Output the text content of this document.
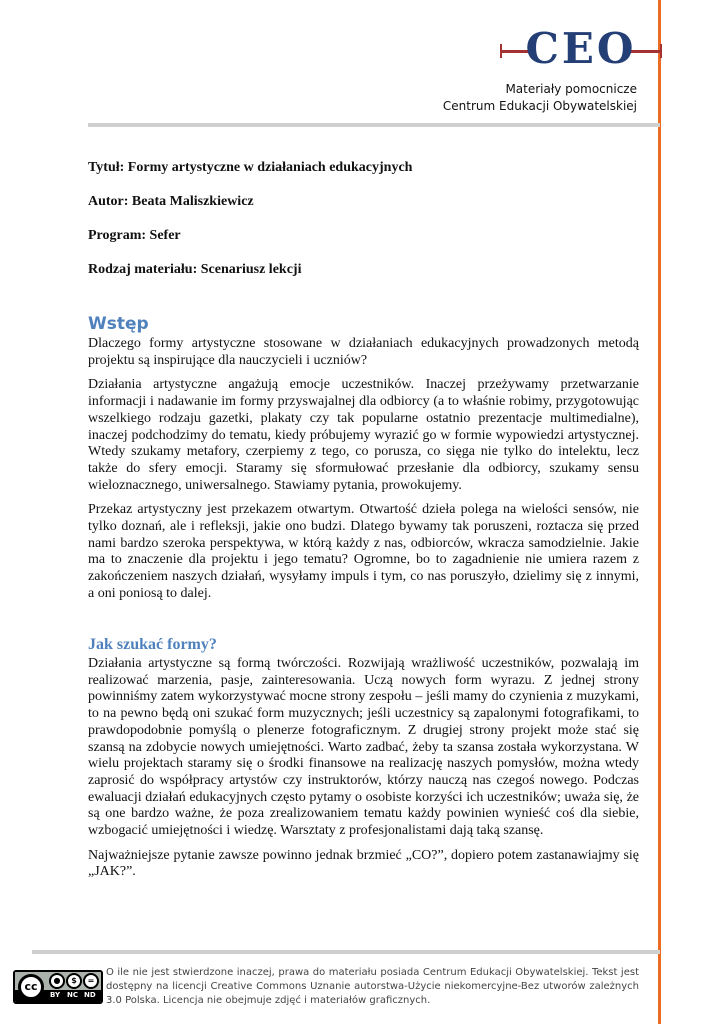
CEO
Materiały pomocnicze
Centrum Edukacji Obywatelskiej
Tytuł: Formy artystyczne w działaniach edukacyjnych
Autor: Beata Maliszkiewicz
Program: Sefer
Rodzaj materiału: Scenariusz lekcji
Wstęp

Dlaczego formy artystyczne stosowane w działaniach edukacyjnych prowadzonych metodą projektu są inspirujące dla nauczycieli i uczniów?

Działania artystyczne angażują emocje uczestników. Inaczej przeżywamy przetwarzanie informacji i nadawanie im formy przyswajalnej dla odbiorcy (a to właśnie robimy, przygotowując wszelkiego rodzaju gazetki, plakaty czy tak popularne ostatnio prezentacje multimedialne), inaczej podchodzimy do tematu, kiedy próbujemy wyrazić go w formie wypowiedzi artystycznej. Wtedy szukamy metafory, czerpiemy z tego, co porusza, co sięga nie tylko do intelektu, lecz także do sfery emocji. Staramy się sformułować przesłanie dla odbiorcy, szukamy sensu wieloznacznego, uniwersalnego. Stawiamy pytania, prowokujemy.

Przekaz artystyczny jest przekazem otwartym. Otwartość dzieła polega na wielości sensów, nie tylko doznań, ale i refleksji, jakie ono budzi. Dlatego bywamy tak poruszeni, roztacza się przed nami bardzo szeroka perspektywa, w którą każdy z nas, odbiorców, wkracza samodzielnie. Jakie ma to znaczenie dla projektu i jego tematu? Ogromne, bo to zagadnienie nie umiera razem z zakończeniem naszych działań, wysyłamy impuls i tym, co nas poruszyło, dzielimy się z innymi, a oni poniosą to dalej.

Jak szukać formy?

Działania artystyczne są formą twórczości. Rozwijają wrażliwość uczestników, pozwalają im realizować marzenia, pasje, zainteresowania. Uczą nowych form wyrazu. Z jednej strony powinniśmy zatem wykorzystywać mocne strony zespołu – jeśli mamy do czynienia z muzykami, to na pewno będą oni szukać form muzycznych; jeśli uczestnicy są zapalonymi fotografikami, to prawdopodobnie pomyślą o plenerze fotograficznym. Z drugiej strony projekt może stać się szansą na zdobycie nowych umiejętności. Warto zadbać, żeby ta szansa została wykorzystana. W wielu projektach staramy się o środki finansowe na realizację naszych pomysłów, można wtedy zaprosić do współpracy artystów czy instruktorów, którzy nauczą nas czegoś nowego. Podczas ewaluacji działań edukacyjnych często pytamy o osobiste korzyści ich uczestników; uważa się, że są one bardzo ważne, że poza zrealizowaniem tematu każdy powinien wynieść coś dla siebie, wzbogacić umiejętności i wiedzę. Warsztaty z profesjonalistami dają taką szansę.

Najważniejsze pytanie zawsze powinno jednak brzmieć „CO?”, dopiero potem zastanawiajmy się „JAK?”.

cc	●	$	=
BY NC ND
O ile nie jest stwierdzone inaczej, prawa do materiału posiada Centrum Edukacji Obywatelskiej. Tekst jest dostępny na licencji Creative Commons Uznanie autorstwa-Użycie niekomercyjne-Bez utworów zależnych 3.0 Polska. Licencja nie obejmuje zdjęć i materiałów graficznych.
